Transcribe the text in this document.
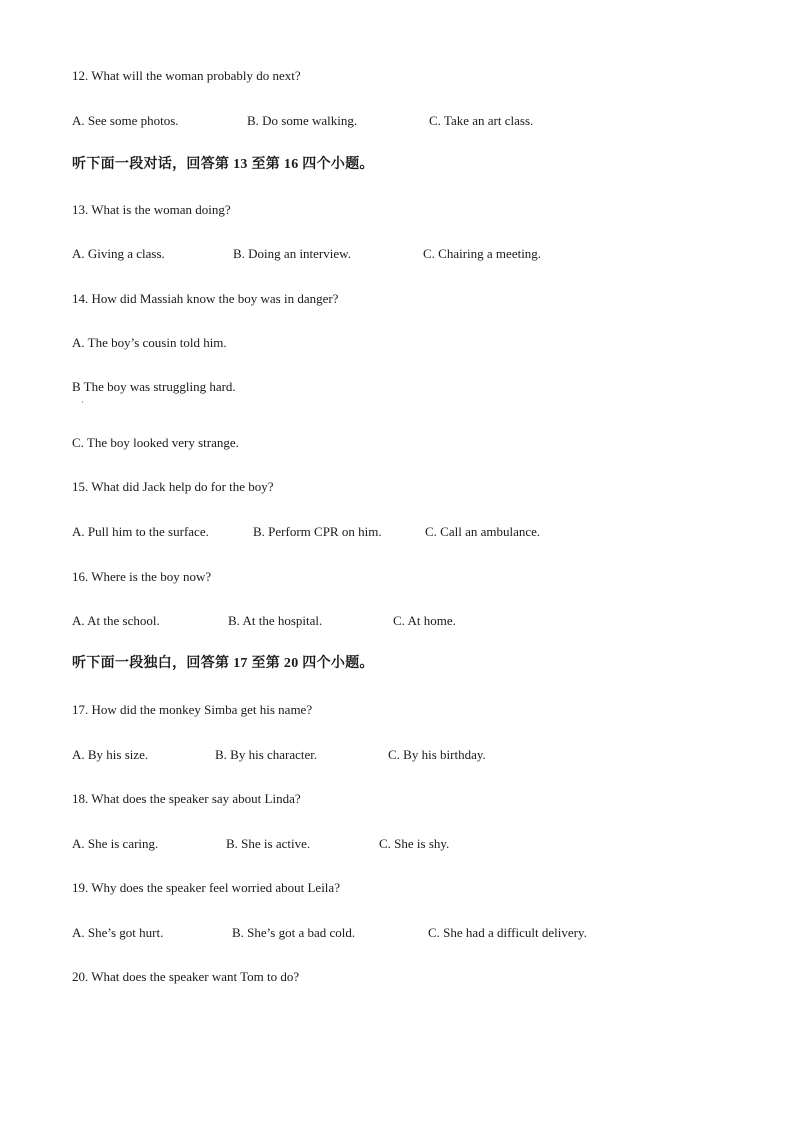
12. What will the woman probably do next?
A. See some photos.	B. Do some walking.	C. Take an art class.
听下面一段对话，回答第 13 至第 16 四个小题。
13. What is the woman doing?
A. Giving a class.	B. Doing an interview.	C. Chairing a meeting.
14. How did Massiah know the boy was in danger?
A. The boy’s cousin told him.
B The boy was struggling hard.
·
C. The boy looked very strange.
15. What did Jack help do for the boy?
A. Pull him to the surface.	B. Perform CPR on him.	C. Call an ambulance.
16. Where is the boy now?
A. At the school.	B. At the hospital.	C. At home.
听下面一段独白，回答第 17 至第 20 四个小题。
17. How did the monkey Simba get his name?
A. By his size.	B. By his character.	C. By his birthday.
18. What does the speaker say about Linda?
A. She is caring.	B. She is active.	C. She is shy.
19. Why does the speaker feel worried about Leila?
A. She’s got hurt.	B. She’s got a bad cold.	C. She had a difficult delivery.
20. What does the speaker want Tom to do?
